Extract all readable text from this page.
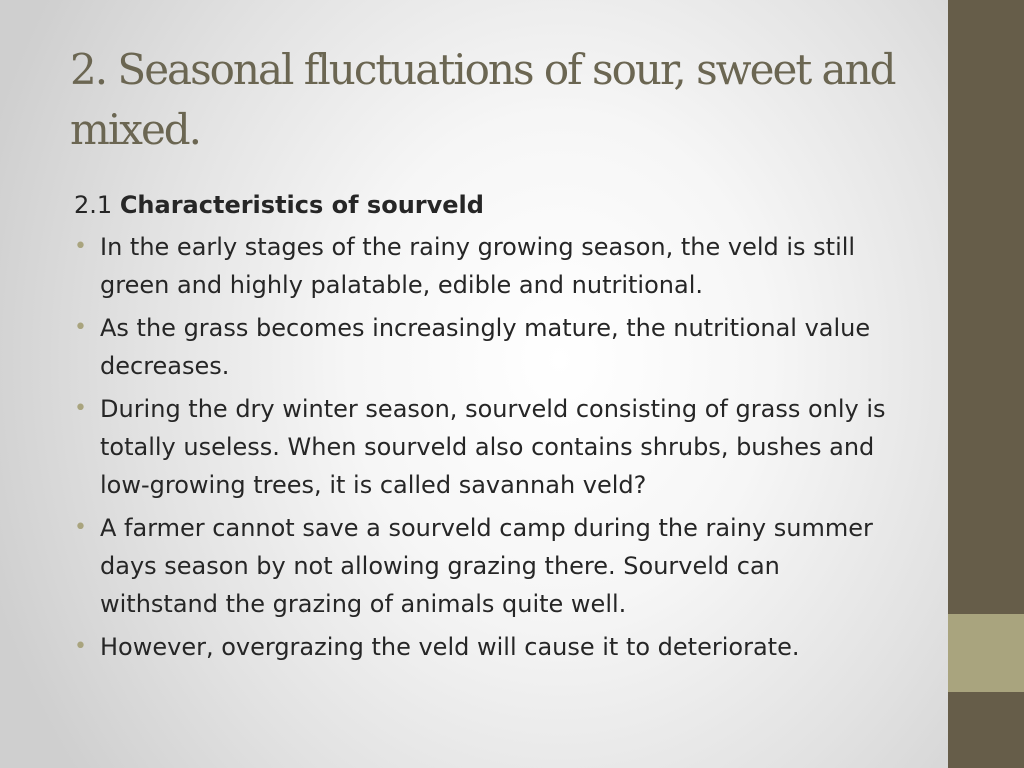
2. Seasonal fluctuations of sour, sweet and mixed.

2.1 Characteristics of sourveld

• In the early stages of the rainy growing season, the veld is still green and highly palatable, edible and nutritional.
• As the grass becomes increasingly mature, the nutritional value decreases.
• During the dry winter season, sourveld consisting of grass only is totally useless. When sourveld also contains shrubs, bushes and low-growing trees, it is called savannah veld?
• A farmer cannot save a sourveld camp during the rainy summer days season by not allowing grazing there. Sourveld can withstand the grazing of animals quite well.
• However, overgrazing the veld will cause it to deteriorate.
